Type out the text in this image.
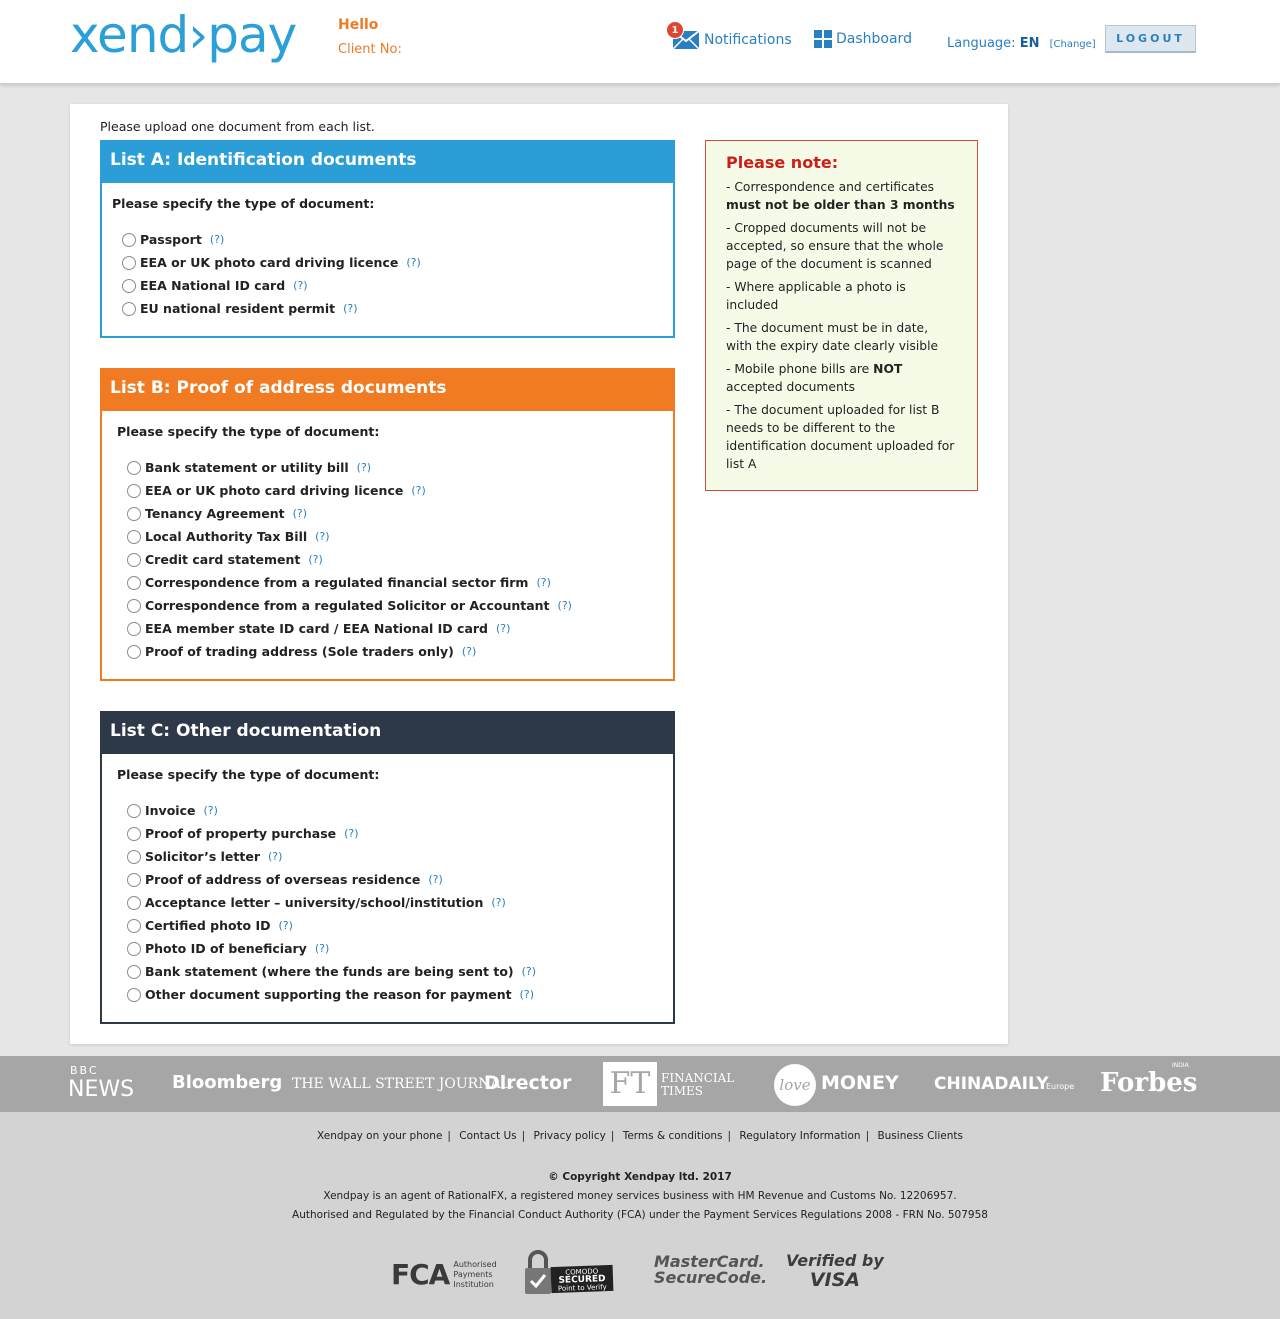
xend›pay	Hello
Client No:
1
Notifications	Dashboard	Language: EN [Change]	LOGOUT
Please upload one document from each list.
List A: Identification documents
Please specify the type of document:
Passport (?)
EEA or UK photo card driving licence (?)
EEA National ID card (?)
EU national resident permit (?)
List B: Proof of address documents
Please specify the type of document:
Bank statement or utility bill (?)
EEA or UK photo card driving licence (?)
Tenancy Agreement (?)
Local Authority Tax Bill (?)
Credit card statement (?)
Correspondence from a regulated financial sector firm (?)
Correspondence from a regulated Solicitor or Accountant (?)
EEA member state ID card / EEA National ID card (?)
Proof of trading address (Sole traders only) (?)
List C: Other documentation
Please specify the type of document:
Invoice (?)
Proof of property purchase (?)
Solicitor’s letter (?)
Proof of address of overseas residence (?)
Acceptance letter – university/school/institution (?)
Certified photo ID (?)
Photo ID of beneficiary (?)
Bank statement (where the funds are being sent to) (?)
Other document supporting the reason for payment (?)
Please note:
- Correspondence and certificates must not be older than 3 months
- Cropped documents will not be accepted, so ensure that the whole page of the document is scanned
- Where applicable a photo is included
- The document must be in date, with the expiry date clearly visible
- Mobile phone bills are NOT accepted documents
- The document uploaded for list B needs to be different to the identification document uploaded for list A
BBC
NEWS Bloomberg THE WALL STREET JOURNAL.
Director FT FINANCIAL

TIMES	love MONEY CHINADAILY
Europe Forbes
INDIA
Xendpay on your phone | Contact Us | Privacy policy | Terms & conditions | Regulatory Information | Business Clients
© Copyright Xendpay ltd. 2017
Xendpay is an agent of RationalFX, a registered money services business with HM Revenue and Customs No. 12206957.
Authorised and Regulated by the Financial Conduct Authority (FCA) under the Payment Services Regulations 2008 - FRN No. 507958
FCA Authorised
Payments
Institution
COMODO
SECURED
Point to Verify
MasterCard.
SecureCode.
Verified by
VISA
